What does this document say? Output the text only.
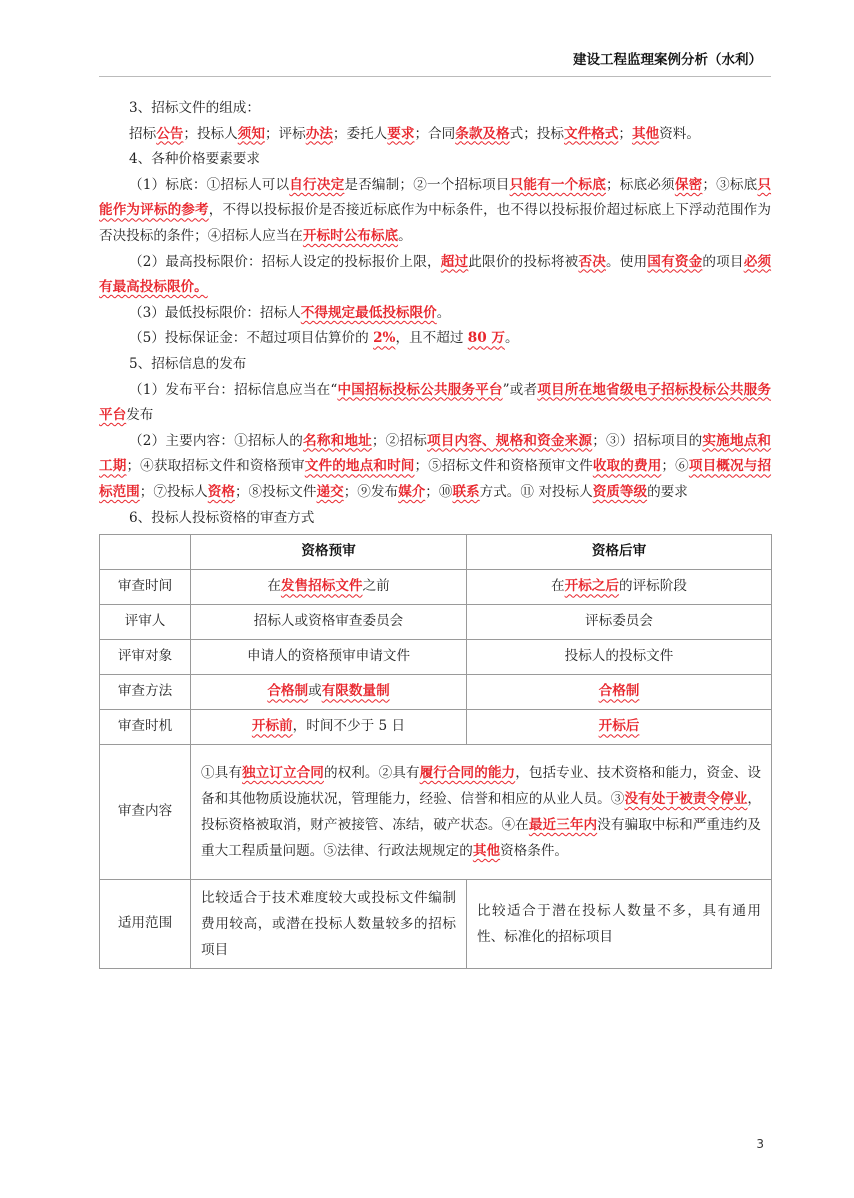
建设工程监理案例分析（水利）

3、招标文件的组成：

招标公告；投标人须知；评标办法；委托人要求；合同条款及格式；投标文件格式；其他资料。

4、各种价格要素要求

（1）标底：①招标人可以自行决定是否编制；②一个招标项目只能有一个标底；标底必须保密；③标底只能作为评标的参考，不得以投标报价是否接近标底作为中标条件，也不得以投标报价超过标底上下浮动范围作为否决投标的条件；④招标人应当在开标时公布标底。

（2）最高投标限价：招标人设定的投标报价上限，超过此限价的投标将被否决。使用国有资金的项目必须有最高投标限价。

（3）最低投标限价：招标人不得规定最低投标限价。

（5）投标保证金：不超过项目估算价的 2%，且不超过 80 万。

5、招标信息的发布

（1）发布平台：招标信息应当在“中国招标投标公共服务平台”或者项目所在地省级电子招标投标公共服务平台发布

（2）主要内容：①招标人的名称和地址；②招标项目内容、规格和资金来源；③）招标项目的实施地点和工期；④获取招标文件和资格预审文件的地点和时间；⑤招标文件和资格预审文件收取的费用；⑥项目概况与招标范围；⑦投标人资格；⑧投标文件递交；⑨发布媒介；⑩联系方式。⑪ 对投标人资质等级的要求

6、投标人投标资格的审查方式

	资格预审	资格后审
审查时间	在发售招标文件之前	在开标之后的评标阶段
评审人	招标人或资格审查委员会	评标委员会
评审对象	申请人的资格预审申请文件	投标人的投标文件
审查方法	合格制或有限数量制	合格制
审查时机	开标前，时间不少于 5 日	开标后
审查内容	①具有独立订立合同的权利。②具有履行合同的能力，包括专业、技术资格和能力，资金、设备和其他物质设施状况，管理能力，经验、信誉和相应的从业人员。③没有处于被责令停业，投标资格被取消，财产被接管、冻结，破产状态。④在最近三年内没有骗取中标和严重违约及重大工程质量问题。⑤法律、行政法规规定的其他资格条件。	
适用范围	比较适合于技术难度较大或投标文件编制费用较高，或潜在投标人数量较多的招标项目	比较适合于潜在投标人数量不多，具有通用性、标准化的招标项目
3
